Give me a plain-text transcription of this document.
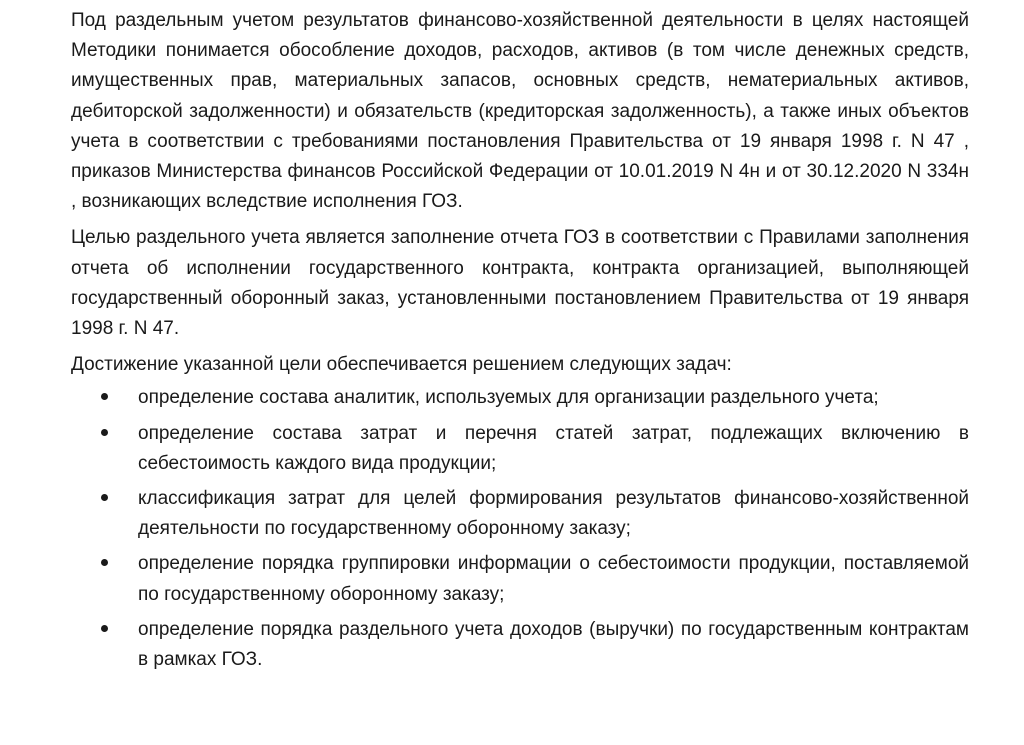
Под раздельным учетом результатов финансово-хозяйственной деятельности в целях настоящей Методики понимается обособление доходов, расходов, активов (в том числе денежных средств, имущественных прав, материальных запасов, основных средств, нематериальных активов, дебиторской задолженности) и обязательств (кредиторская задолженность), а также иных объектов учета в соответствии с требованиями постановления Правительства от 19 января 1998 г. N 47 , приказов Министерства финансов Российской Федерации от 10.01.2019 N 4н и от 30.12.2020 N 334н , возникающих вследствие исполнения ГОЗ.

Целью раздельного учета является заполнение отчета ГОЗ в соответствии с Правилами заполнения отчета об исполнении государственного контракта, контракта организацией, выполняющей государственный оборонный заказ, установленными постановлением Правительства от 19 января 1998 г. N 47.

Достижение указанной цели обеспечивается решением следующих задач:

определение состава аналитик, используемых для организации раздельного учета;
определение состава затрат и перечня статей затрат, подлежащих включению в себестоимость каждого вида продукции;
классификация затрат для целей формирования результатов финансово-хозяйственной деятельности по государственному оборонному заказу;
определение порядка группировки информации о себестоимости продукции, поставляемой по государственному оборонному заказу;
определение порядка раздельного учета доходов (выручки) по государственным контрактам в рамках ГОЗ.
